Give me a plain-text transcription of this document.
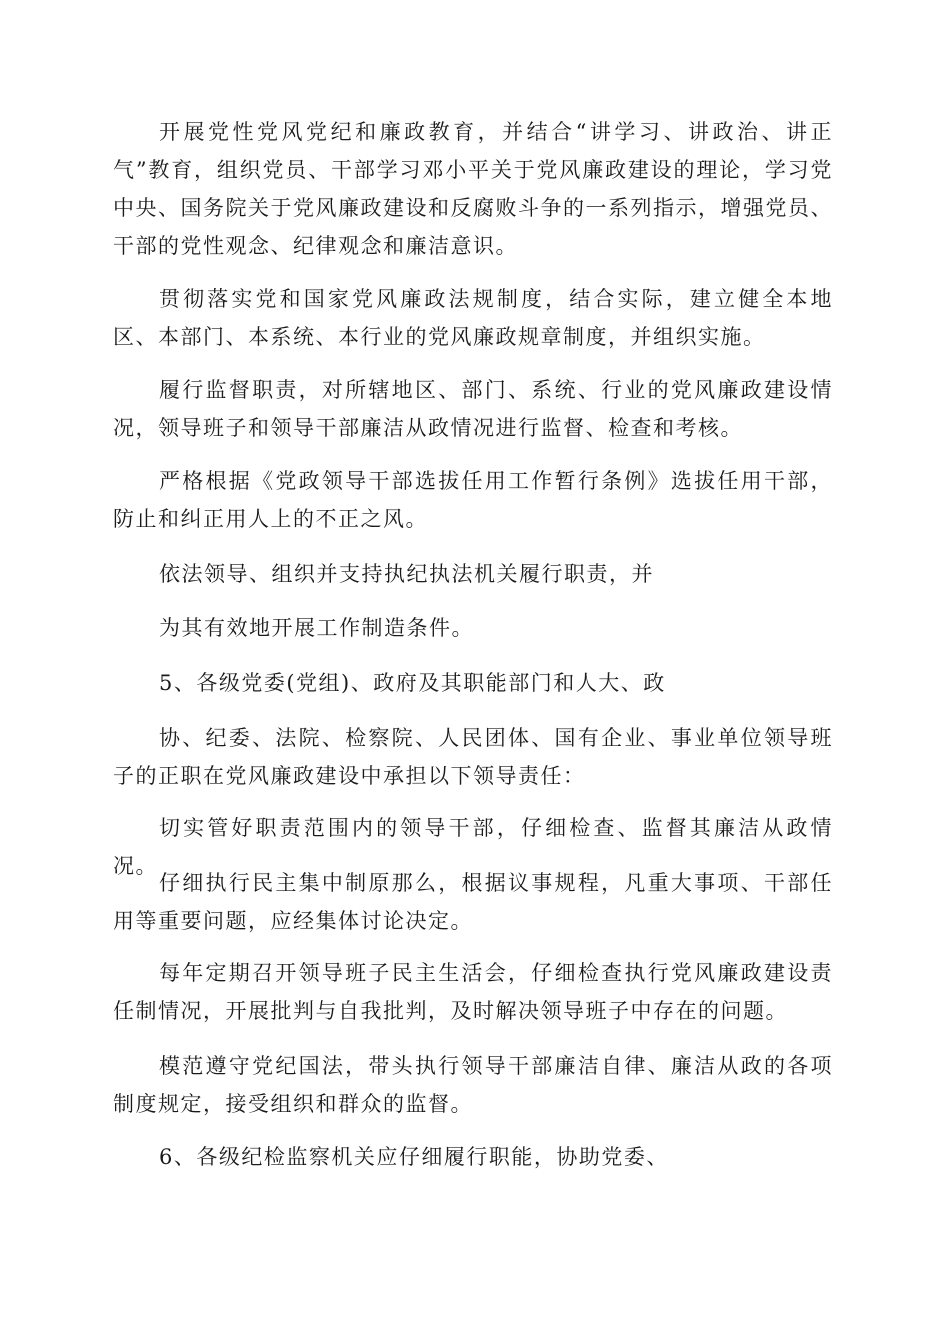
开展党性党风党纪和廉政教育，并结合“讲学习、讲政治、讲正气”教育，组织党员、干部学习邓小平关于党风廉政建设的理论，学习党中央、国务院关于党风廉政建设和反腐败斗争的一系列指示，增强党员、干部的党性观念、纪律观念和廉洁意识。

贯彻落实党和国家党风廉政法规制度，结合实际，建立健全本地区、本部门、本系统、本行业的党风廉政规章制度，并组织实施。

履行监督职责，对所辖地区、部门、系统、行业的党风廉政建设情况，领导班子和领导干部廉洁从政情况进行监督、检查和考核。

严格根据《党政领导干部选拔任用工作暂行条例》选拔任用干部，防止和纠正用人上的不正之风。

依法领导、组织并支持执纪执法机关履行职责，并

为其有效地开展工作制造条件。

5、各级党委(党组)、政府及其职能部门和人大、政

协、纪委、法院、检察院、人民团体、国有企业、事业单位领导班子的正职在党风廉政建设中承担以下领导责任：

切实管好职责范围内的领导干部，仔细检查、监督其廉洁从政情况。

仔细执行民主集中制原那么，根据议事规程，凡重大事项、干部任用等重要问题，应经集体讨论决定。

每年定期召开领导班子民主生活会，仔细检查执行党风廉政建设责任制情况，开展批判与自我批判，及时解决领导班子中存在的问题。

模范遵守党纪国法，带头执行领导干部廉洁自律、廉洁从政的各项制度规定，接受组织和群众的监督。

6、各级纪检监察机关应仔细履行职能，协助党委、
